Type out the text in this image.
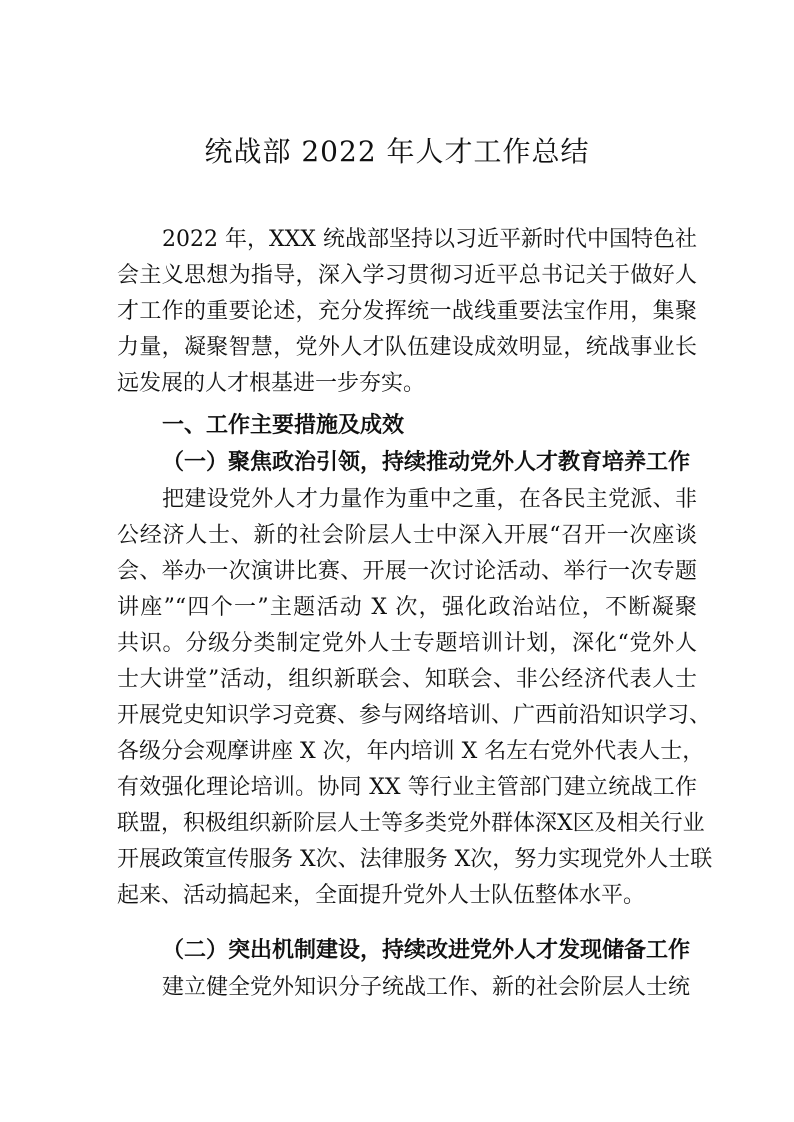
统战部 2022 年人才工作总结

2022 年，XXX 统战部坚持以习近平新时代中国特色社

会主义思想为指导，深入学习贯彻习近平总书记关于做好人

才工作的重要论述，充分发挥统一战线重要法宝作用，集聚

力量，凝聚智慧，党外人才队伍建设成效明显，统战事业长

远发展的人才根基进一步夯实。

一、工作主要措施及成效
（一）聚焦政治引领，持续推动党外人才教育培养工作

把建设党外人才力量作为重中之重，在各民主党派、非

公经济人士、新的社会阶层人士中深入开展“召开一次座谈

会、举办一次演讲比赛、开展一次讨论活动、举行一次专题

讲座”“四个一”主题活动 X 次，强化政治站位，不断凝聚

共识。分级分类制定党外人士专题培训计划，深化“党外人

士大讲堂”活动，组织新联会、知联会、非公经济代表人士

开展党史知识学习竞赛、参与网络培训、广西前沿知识学习、

各级分会观摩讲座 X 次，年内培训 X 名左右党外代表人士，

有效强化理论培训。协同 XX 等行业主管部门建立统战工作

联盟，积极组织新阶层人士等多类党外群体深X区及相关行业

开展政策宣传服务 X次、法律服务 X次，努力实现党外人士联

起来、活动搞起来，全面提升党外人士队伍整体水平。

（二）突出机制建设，持续改进党外人才发现储备工作

建立健全党外知识分子统战工作、新的社会阶层人士统
